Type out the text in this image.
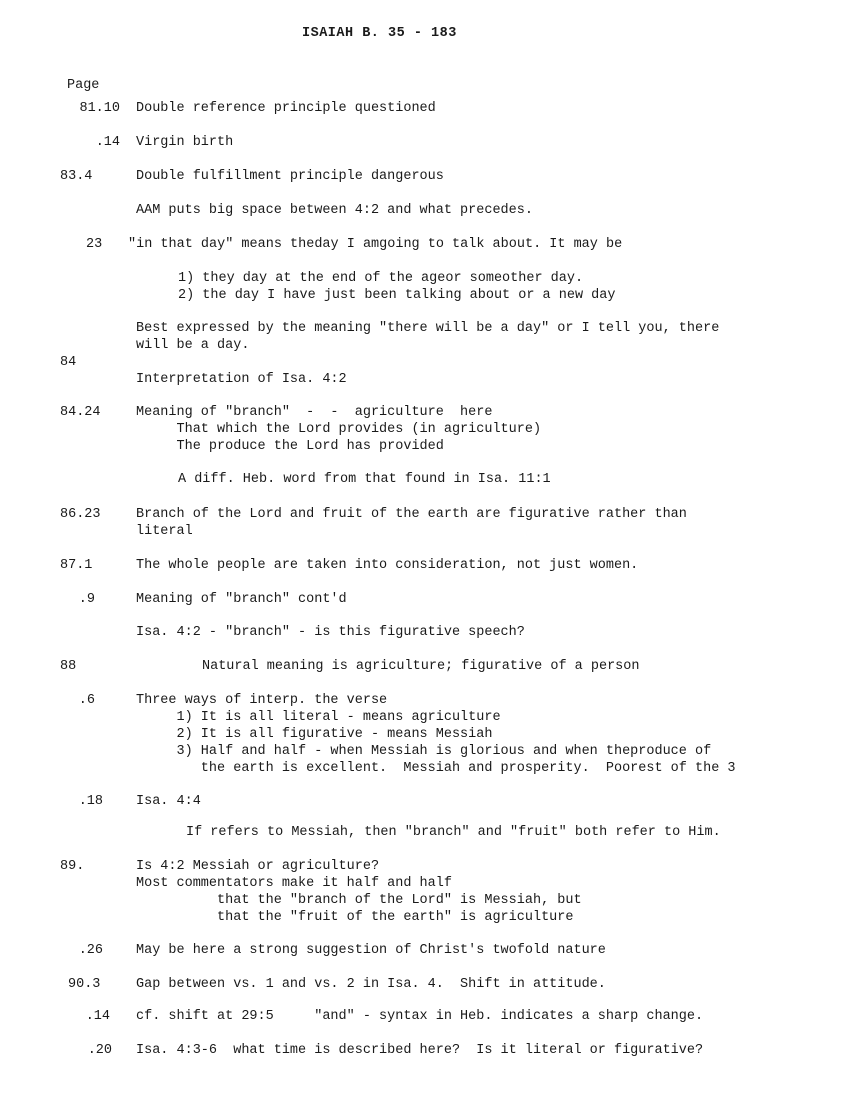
ISAIAH B. 35 - 183
Page
81.10 Double reference principle questioned
.14 Virgin birth
83.4	Double fulfillment principle dangerous
AAM puts big space between 4:2 and what precedes.
23 "in that day" means theday I amgoing to talk about. It may be
1) they day at the end of the ageor someother day.
2) the day I have just been talking about or a new day
Best expressed by the meaning "there will be a day" or I tell you, there
will be a day.
84
Interpretation of Isa. 4:2
84.24	Meaning of "branch"  -  -  agriculture  here
That which the Lord provides (in agriculture)
The produce the Lord has provided
A diff. Heb. word from that found in Isa. 11:1
86.23	Branch of the Lord and fruit of the earth are figurative rather than
literal
87.1	The whole people are taken into consideration, not just women.
.9	Meaning of "branch" cont'd
Isa. 4:2 - "branch" - is this figurative speech?
88	Natural meaning is agriculture; figurative of a person
.6	Three ways of interp. the verse
1) It is all literal - means agriculture
2) It is all figurative - means Messiah
3) Half and half - when Messiah is glorious and when theproduce of
the earth is excellent.  Messiah and prosperity.  Poorest of the 3
.18 Isa. 4:4
If refers to Messiah, then "branch" and "fruit" both refer to Him.
89.	Is 4:2 Messiah or agriculture?
Most commentators make it half and half
that the "branch of the Lord" is Messiah, but
that the "fruit of the earth" is agriculture
.26 May be here a strong suggestion of Christ's twofold nature
90.3	Gap between vs. 1 and vs. 2 in Isa. 4.  Shift in attitude.
.14 cf. shift at 29:5     "and" - syntax in Heb. indicates a sharp change.
.20 Isa. 4:3-6  what time is described here?  Is it literal or figurative?
